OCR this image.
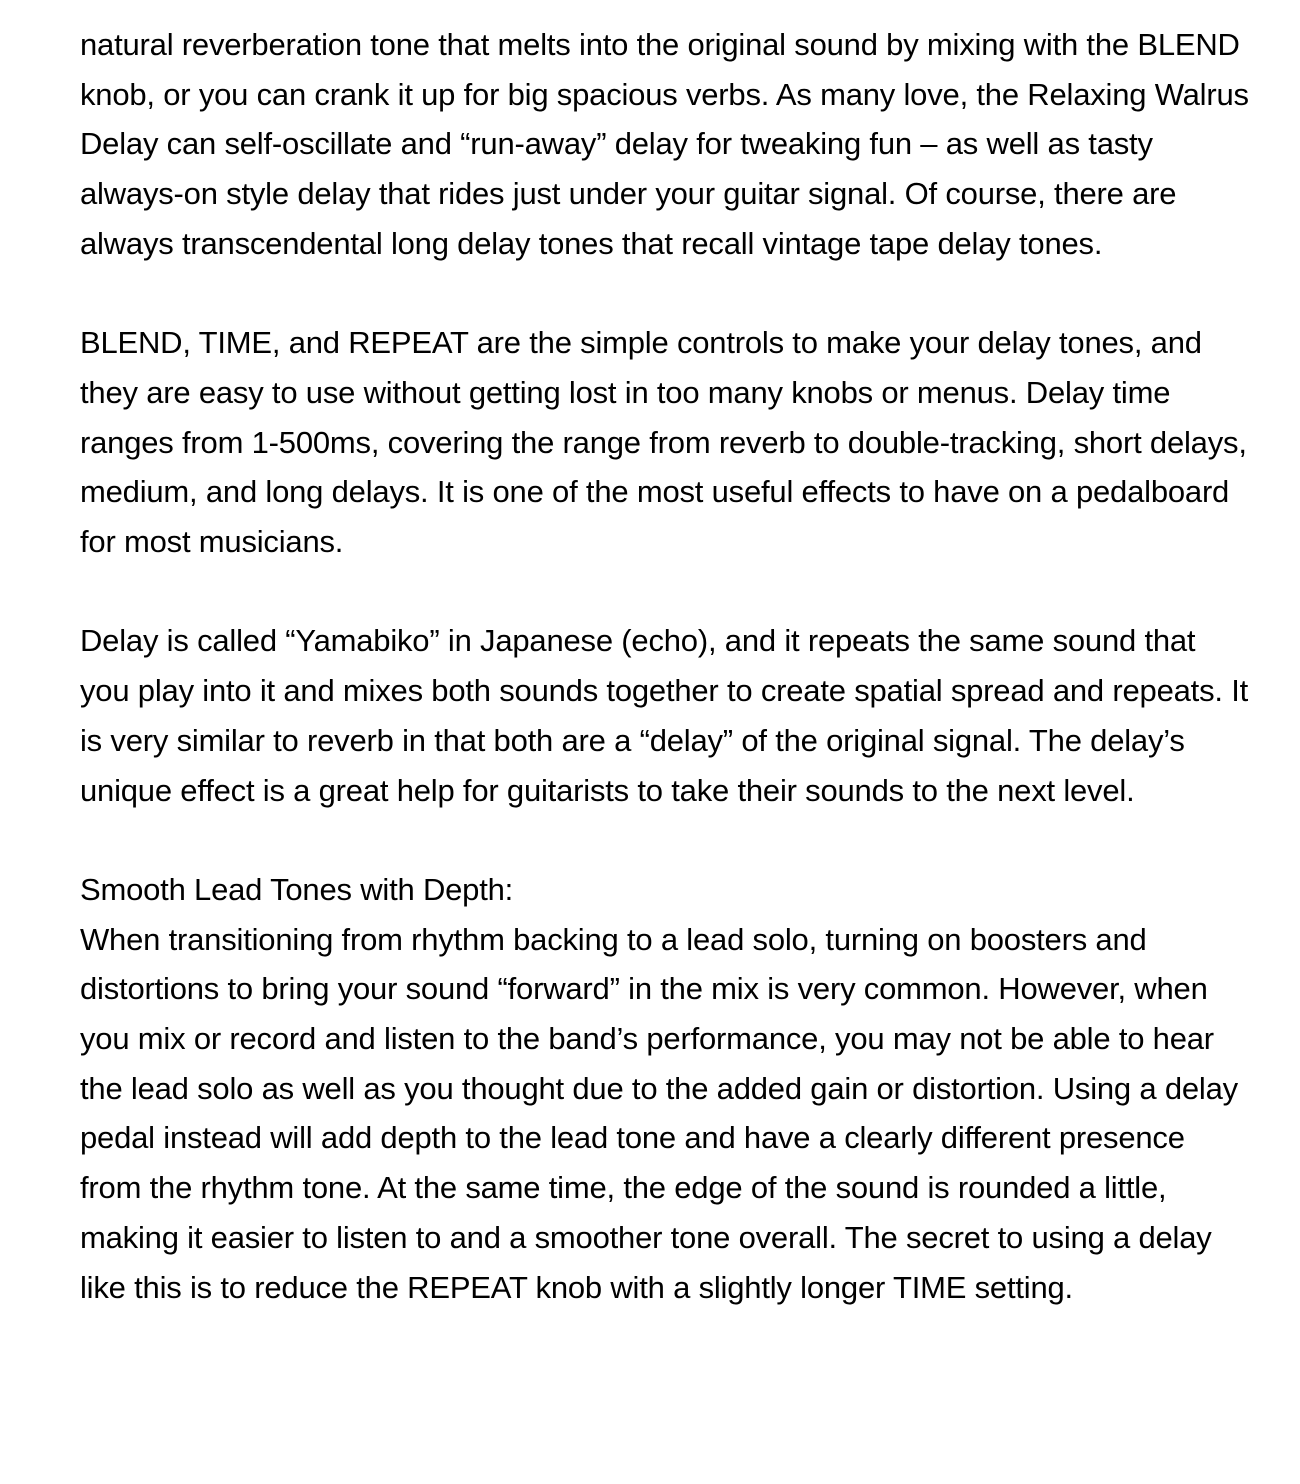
natural reverberation tone that melts into the original sound by mixing with the BLEND knob, or you can crank it up for big spacious verbs. As many love, the Relaxing Walrus Delay can self-oscillate and “run-away” delay for tweaking fun – as well as tasty always-on style delay that rides just under your guitar signal. Of course, there are always transcendental long delay tones that recall vintage tape delay tones.

BLEND, TIME, and REPEAT are the simple controls to make your delay tones, and they are easy to use without getting lost in too many knobs or menus. Delay time ranges from 1-500ms, covering the range from reverb to double-tracking, short delays, medium, and long delays. It is one of the most useful effects to have on a pedalboard for most musicians.

Delay is called “Yamabiko” in Japanese (echo), and it repeats the same sound that you play into it and mixes both sounds together to create spatial spread and repeats. It is very similar to reverb in that both are a “delay” of the original signal. The delay’s unique effect is a great help for guitarists to take their sounds to the next level.

Smooth Lead Tones with Depth:

When transitioning from rhythm backing to a lead solo, turning on boosters and distortions to bring your sound “forward” in the mix is very common. However, when you mix or record and listen to the band’s performance, you may not be able to hear the lead solo as well as you thought due to the added gain or distortion. Using a delay pedal instead will add depth to the lead tone and have a clearly different presence from the rhythm tone. At the same time, the edge of the sound is rounded a little, making it easier to listen to and a smoother tone overall. The secret to using a delay like this is to reduce the REPEAT knob with a slightly longer TIME setting.
